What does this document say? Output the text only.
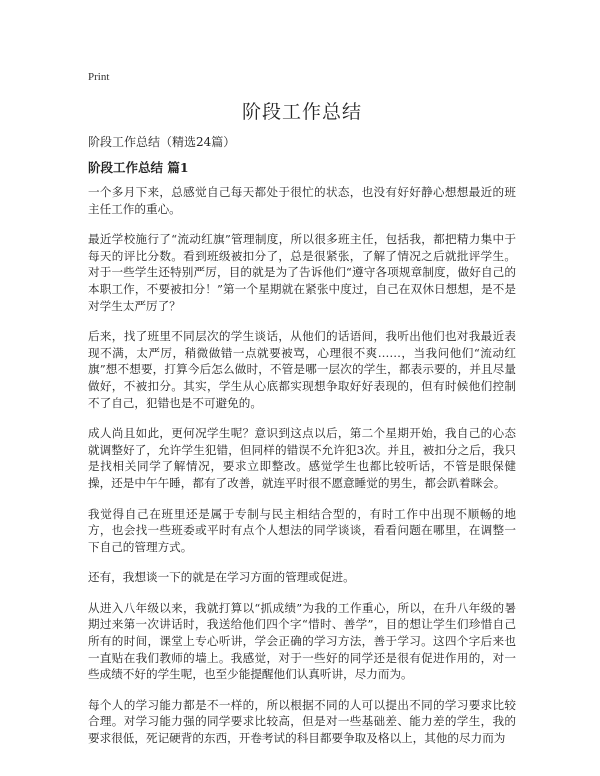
Print
阶段工作总结

阶段工作总结（精选24篇）

阶段工作总结 篇1

一个多月下来，总感觉自己每天都处于很忙的状态，也没有好好静心想想最近的班主任工作的重心。

最近学校施行了“流动红旗”管理制度，所以很多班主任，包括我，都把精力集中于每天的评比分数。看到班级被扣分了，总是很紧张，了解了情况之后就批评学生。对于一些学生还特别严厉，目的就是为了告诉他们“遵守各项规章制度，做好自己的本职工作，不要被扣分！”第一个星期就在紧张中度过，自己在双休日想想，是不是对学生太严厉了？

后来，找了班里不同层次的学生谈话，从他们的话语间，我听出他们也对我最近表现不满，太严厉，稍微做错一点就要被骂，心理很不爽……，当我问他们“流动红旗”想不想要，打算今后怎么做时，不管是哪一层次的学生，都表示要的，并且尽量做好，不被扣分。其实，学生从心底都实现想争取好好表现的，但有时候他们控制不了自己，犯错也是不可避免的。

成人尚且如此，更何况学生呢？意识到这点以后，第二个星期开始，我自己的心态就调整好了，允许学生犯错，但同样的错误不允许犯3次。并且，被扣分之后，我只是找相关同学了解情况，要求立即整改。感觉学生也都比较听话，不管是眼保健操，还是中午午睡，都有了改善，就连平时很不愿意睡觉的男生，都会趴着眯会。

我觉得自己在班里还是属于专制与民主相结合型的，有时工作中出现不顺畅的地方，也会找一些班委或平时有点个人想法的同学谈谈，看看问题在哪里，在调整一下自己的管理方式。

还有，我想谈一下的就是在学习方面的管理或促进。

从进入八年级以来，我就打算以“抓成绩”为我的工作重心，所以，在升八年级的暑期过来第一次讲话时，我送给他们四个字“惜时、善学”，目的想让学生们珍惜自己所有的时间，课堂上专心听讲，学会正确的学习方法，善于学习。这四个字后来也一直贴在我们教师的墙上。我感觉，对于一些好的同学还是很有促进作用的，对一些成绩不好的学生呢，也至少能提醒他们认真听讲，尽力而为。

每个人的学习能力都是不一样的，所以根据不同的人可以提出不同的学习要求比较合理。对学习能力强的同学要求比较高，但是对一些基础差、能力差的学生，我的要求很低，死记硬背的东西，开卷考试的科目都要争取及格以上，其他的尽力而为
